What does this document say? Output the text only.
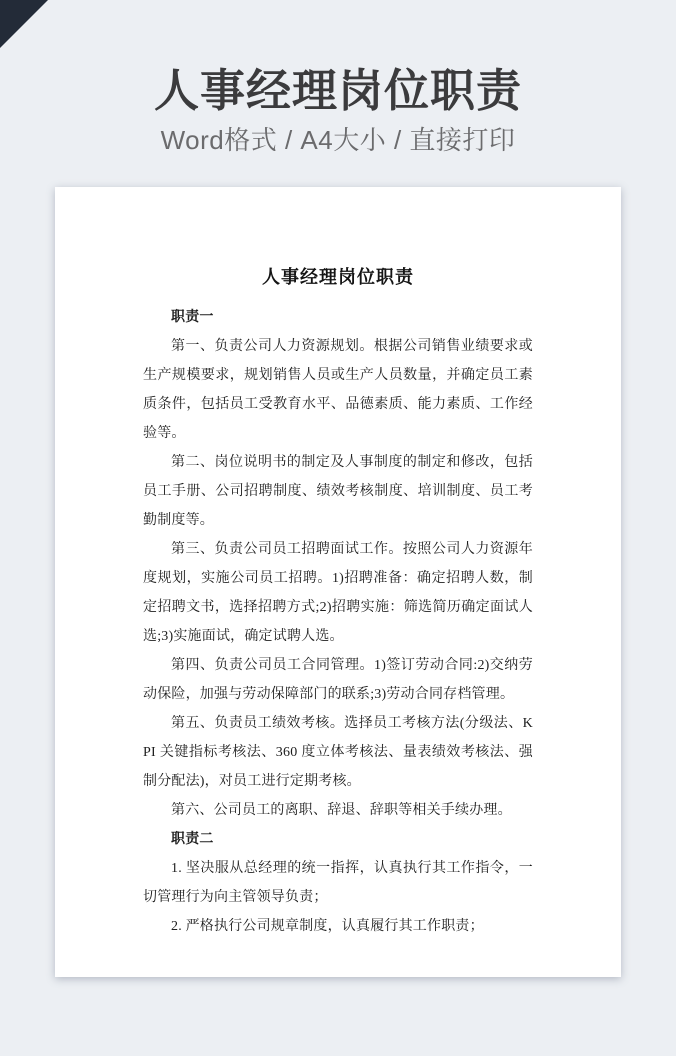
人事经理岗位职责

Word格式 / A4大小 / 直接打印

人事经理岗位职责

职责一

第一、负责公司人力资源规划。根据公司销售业绩要求或生产规模要求，规划销售人员或生产人员数量，并确定员工素质条件，包括员工受教育水平、品德素质、能力素质、工作经验等。

第二、岗位说明书的制定及人事制度的制定和修改，包括员工手册、公司招聘制度、绩效考核制度、培训制度、员工考勤制度等。

第三、负责公司员工招聘面试工作。按照公司人力资源年度规划，实施公司员工招聘。1)招聘准备：确定招聘人数，制定招聘文书，选择招聘方式;2)招聘实施：筛选简历确定面试人选;3)实施面试，确定试聘人选。

第四、负责公司员工合同管理。1)签订劳动合同:2)交纳劳动保险，加强与劳动保障部门的联系;3)劳动合同存档管理。

第五、负责员工绩效考核。选择员工考核方法(分级法、KPI 关键指标考核法、360 度立体考核法、量表绩效考核法、强制分配法)，对员工进行定期考核。

第六、公司员工的离职、辞退、辞职等相关手续办理。

职责二

1. 坚决服从总经理的统一指挥，认真执行其工作指令，一切管理行为向主管领导负责；

2. 严格执行公司规章制度，认真履行其工作职责；
